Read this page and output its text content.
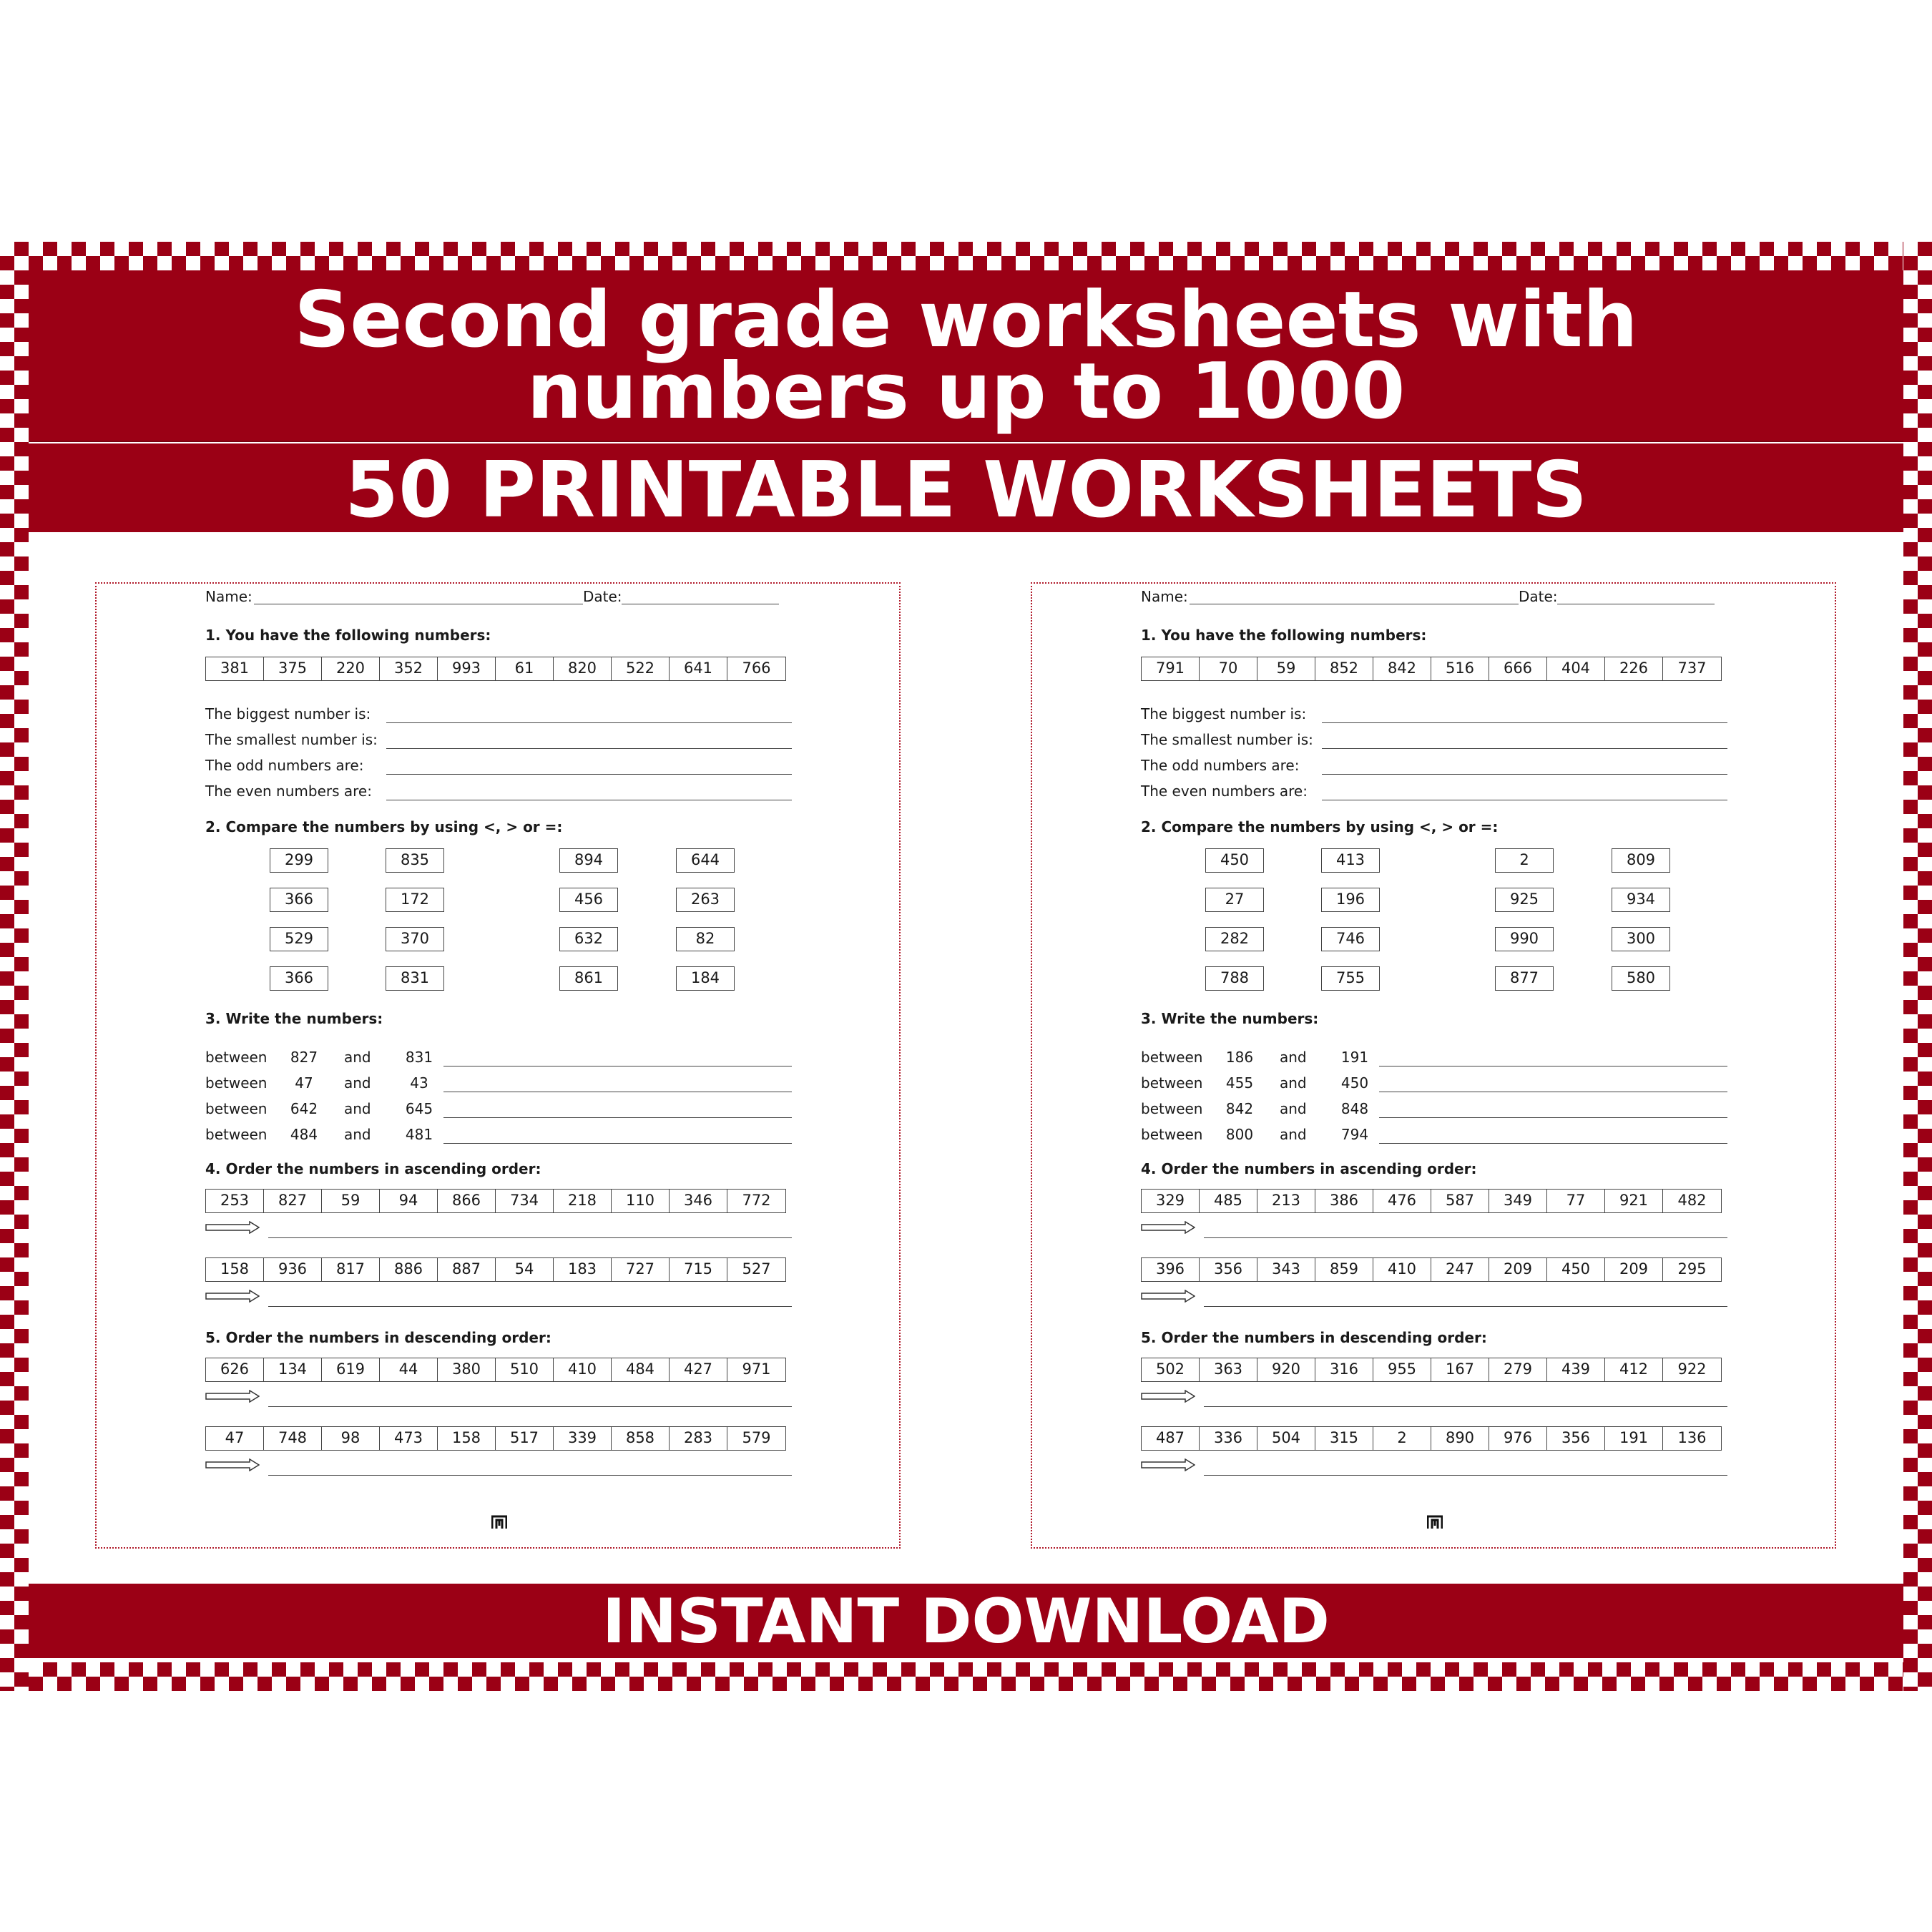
Second grade worksheets with
numbers up to 1000
50 PRINTABLE WORKSHEETS
INSTANT DOWNLOAD
Name:	Date:
1. You have the following numbers:
381	375	220	352	993	61	820	522	641	766
The biggest number is:
The smallest number is:
The odd numbers are:
The even numbers are:
2. Compare the numbers by using <, > or =:
299	835	894	644
366	172	456	263
529	370	632	82
366	831	861	184
3. Write the numbers:
between 827 and 831
between	47	and	43
between 642 and 645
between 484 and 481
4. Order the numbers in ascending order:
253	827	59	94	866	734	218	110	346	772
158	936	817	886	887	54	183	727	715	527
5. Order the numbers in descending order:
626	134	619	44	380	510	410	484	427	971
47	748	98	473	158	517	339	858	283	579
Name:	Date:
1. You have the following numbers:
791	70	59	852	842	516	666	404	226	737
The biggest number is:
The smallest number is:
The odd numbers are:
The even numbers are:
2. Compare the numbers by using <, > or =:
450	413	2	809
27	196	925	934
282	746	990	300
788	755	877	580
3. Write the numbers:
between 186 and 191
between 455 and 450
between 842 and 848
between 800 and 794
4. Order the numbers in ascending order:
329	485	213	386	476	587	349	77	921	482
396	356	343	859	410	247	209	450	209	295
5. Order the numbers in descending order:
502	363	920	316	955	167	279	439	412	922
487	336	504	315	2	890	976	356	191	136
